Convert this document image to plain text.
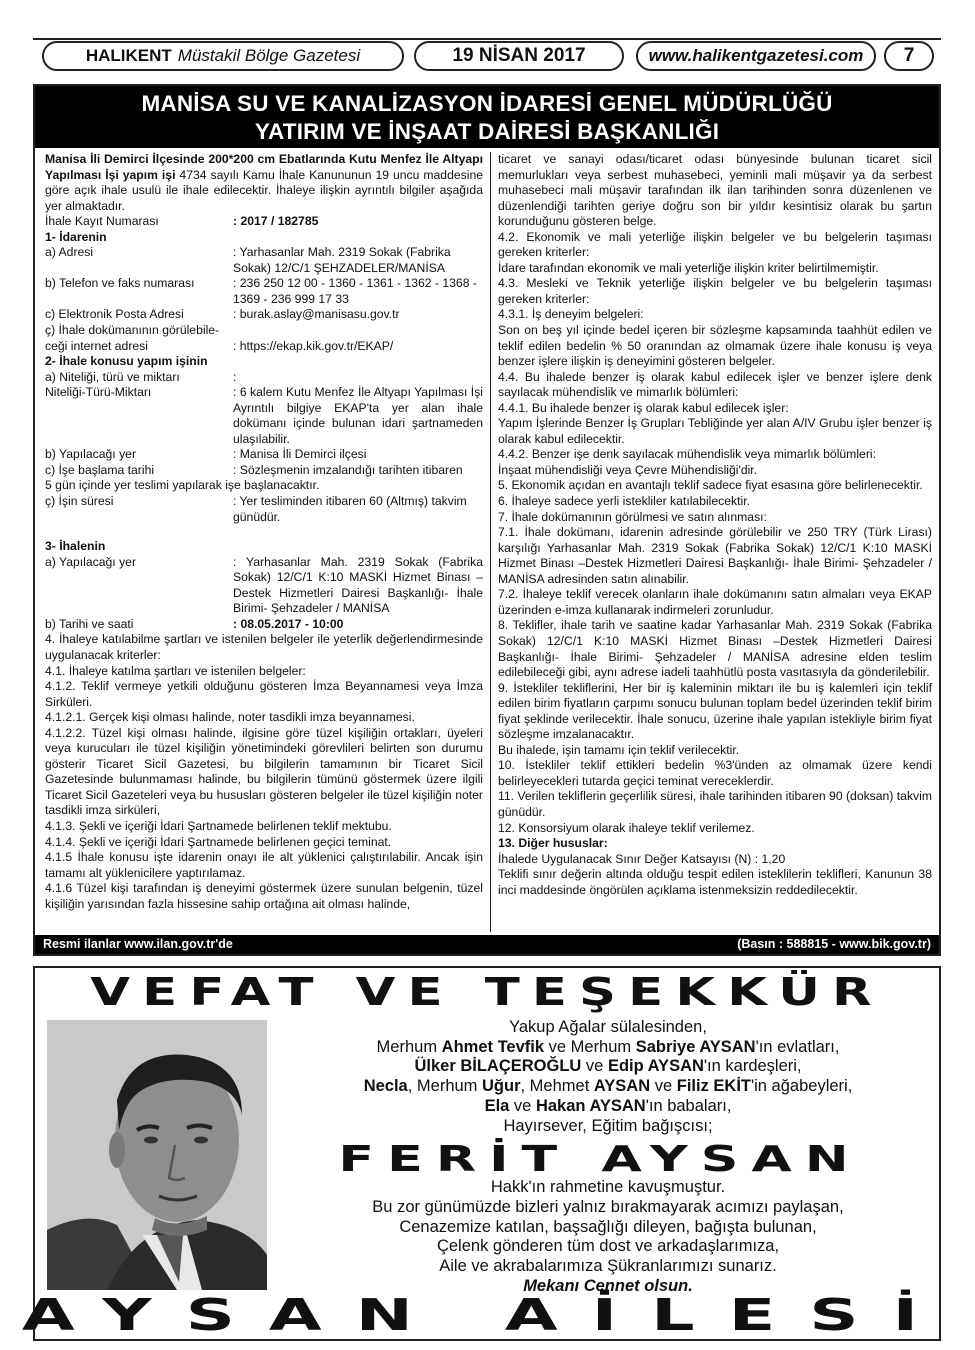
HALIKENT Müstakil Bölge Gazetesi	19 NİSAN 2017	www.halikentgazetesi.com	7
MANİSA SU VE KANALİZASYON İDARESİ GENEL MÜDÜRLÜĞÜ
YATIRIM VE İNŞAAT DAİRESİ BAŞKANLIĞI

Manisa İli Demirci İlçesinde 200*200 cm Ebatlarında Kutu Menfez İle Altyapı Yapılması İşi yapım işi 4734 sayılı Kamu İhale Kanununun 19 uncu maddesine göre açık ihale usulü ile ihale edilecektir. İhaleye ilişkin ayrıntılı bilgiler aşağıda yer almaktadır.

İhale Kayıt Numarası	: 2017 / 182785
1- İdarenin
a) Adresi	: Yarhasanlar Mah. 2319 Sokak (Fabrika Sokak) 12/C/1 ŞEHZADELER/MANİSA
b) Telefon ve faks numarası	: 236 250 12 00 - 1360 - 1361 - 1362 - 1368 - 1369 - 236 999 17 33
c) Elektronik Posta Adresi	: burak.aslay@manisasu.gov.tr
ç) İhale dokümanının görülebile-ceği internet adresi	: https://ekap.kik.gov.tr/EKAP/
2- İhale konusu yapım işinin
a) Niteliği, türü ve miktarı	:
Niteliği-Türü-Miktarı	: 6 kalem Kutu Menfez İle Altyapı Yapılması İşi Ayrıntılı bilgiye EKAP'ta yer alan ihale dokümanı içinde bulunan idari şartnameden ulaşılabilir.
b) Yapılacağı yer	: Manisa İli Demirci ilçesi
c) İşe başlama tarihi	: Sözleşmenin imzalandığı tarihten itibaren
5 gün içinde yer teslimi yapılarak işe başlanacaktır.
ç) İşin süresi	: Yer tesliminden itibaren 60 (Altmış) takvim günüdür.
3- İhalenin
a) Yapılacağı yer	: Yarhasanlar Mah. 2319 Sokak (Fabrika Sokak) 12/C/1 K:10 MASKİ Hizmet Binası –Destek Hizmetleri Dairesi Başkanlığı- İhale Birimi- Şehzadeler / MANİSA
b) Tarihi ve saati	: 08.05.2017 - 10:00

4. İhaleye katılabilme şartları ve istenilen belgeler ile yeterlik değerlendirmesinde uygulanacak kriterler:

4.1. İhaleye katılma şartları ve istenilen belgeler:

4.1.2. Teklif vermeye yetkili olduğunu gösteren İmza Beyannamesi veya İmza Sirküleri.

4.1.2.1. Gerçek kişi olması halinde, noter tasdikli imza beyannamesi.

4.1.2.2. Tüzel kişi olması halinde, ilgisine göre tüzel kişiliğin ortakları, üyeleri veya kurucuları ile tüzel kişiliğin yönetimindeki görevlileri belirten son durumu gösterir Ticaret Sicil Gazetesi, bu bilgilerin tamamının bir Ticaret Sicil Gazetesinde bulunmaması halinde, bu bilgilerin tümünü göstermek üzere ilgili Ticaret Sicil Gazeteleri veya bu hususları gösteren belgeler ile tüzel kişiliğin noter tasdikli imza sirküleri,

4.1.3. Şekli ve içeriği İdari Şartnamede belirlenen teklif mektubu.

4.1.4. Şekli ve içeriği İdari Şartnamede belirlenen geçici teminat.

4.1.5 İhale konusu işte idarenin onayı ile alt yüklenici çalıştırılabilir. Ancak işin tamamı alt yüklenicilere yaptırılamaz.

4.1.6 Tüzel kişi tarafından iş deneyimi göstermek üzere sunulan belgenin, tüzel kişiliğin yarısından fazla hissesine sahip ortağına ait olması halinde,

ticaret ve sanayi odası/ticaret odası bünyesinde bulunan ticaret sicil memurlukları veya serbest muhasebeci, yeminli mali müşavir ya da serbest muhasebeci mali müşavir tarafından ilk ilan tarihinden sonra düzenlenen ve düzenlendiği tarihten geriye doğru son bir yıldır kesintisiz olarak bu şartın korunduğunu gösteren belge.

4.2. Ekonomik ve mali yeterliğe ilişkin belgeler ve bu belgelerin taşıması gereken kriterler:

İdare tarafından ekonomik ve mali yeterliğe ilişkin kriter belirtilmemiştir.

4.3. Mesleki ve Teknik yeterliğe ilişkin belgeler ve bu belgelerin taşıması gereken kriterler:

4.3.1. İş deneyim belgeleri:

Son on beş yıl içinde bedel içeren bir sözleşme kapsamında taahhüt edilen ve teklif edilen bedelin % 50 oranından az olmamak üzere ihale konusu iş veya benzer işlere ilişkin iş deneyimini gösteren belgeler.

4.4. Bu ihalede benzer iş olarak kabul edilecek işler ve benzer işlere denk sayılacak mühendislik ve mimarlık bölümleri:

4.4.1. Bu ihalede benzer iş olarak kabul edilecek işler:

Yapım İşlerinde Benzer İş Grupları Tebliğinde yer alan A/IV Grubu işler benzer iş olarak kabul edilecektir.

4.4.2. Benzer işe denk sayılacak mühendislik veya mimarlık bölümleri:

İnşaat mühendisliği veya Çevre Mühendisliği'dir.

5. Ekonomik açıdan en avantajlı teklif sadece fiyat esasına göre belirlenecektir.

6. İhaleye sadece yerli istekliler katılabilecektir.

7. İhale dokümanının görülmesi ve satın alınması:

7.1. İhale dokümanı, idarenin adresinde görülebilir ve 250 TRY (Türk Lirası) karşılığı Yarhasanlar Mah. 2319 Sokak (Fabrika Sokak) 12/C/1 K:10 MASKİ Hizmet Binası –Destek Hizmetleri Dairesi Başkanlığı- İhale Birimi- Şehzadeler / MANİSA adresinden satın alınabilir.

7.2. İhaleye teklif verecek olanların ihale dokümanını satın almaları veya EKAP üzerinden e-imza kullanarak indirmeleri zorunludur.

8. Teklifler, ihale tarih ve saatine kadar Yarhasanlar Mah. 2319 Sokak (Fabrika Sokak) 12/C/1 K:10 MASKİ Hizmet Binası –Destek Hizmetleri Dairesi Başkanlığı- İhale Birimi- Şehzadeler / MANİSA adresine elden teslim edilebileceği gibi, aynı adrese iadeli taahhütlü posta vasıtasıyla da gönderilebilir.

9. İstekliler tekliflerini, Her bir iş kaleminin miktarı ile bu iş kalemleri için teklif edilen birim fiyatların çarpımı sonucu bulunan toplam bedel üzerinden teklif birim fiyat şeklinde verilecektir. İhale sonucu, üzerine ihale yapılan istekliyle birim fiyat sözleşme imzalanacaktır.

Bu ihalede, işin tamamı için teklif verilecektir.

10. İstekliler teklif ettikleri bedelin %3'ünden az olmamak üzere kendi belirleyecekleri tutarda geçici teminat vereceklerdir.

11. Verilen tekliflerin geçerlilik süresi, ihale tarihinden itibaren 90 (doksan) takvim günüdür.

12. Konsorsiyum olarak ihaleye teklif verilemez.

13. Diğer hususlar:

İhalede Uygulanacak Sınır Değer Katsayısı (N) : 1,20

Teklifi sınır değerin altında olduğu tespit edilen isteklilerin teklifleri, Kanunun 38 inci maddesinde öngörülen açıklama istenmeksizin reddedilecektir.

Resmi ilanlar www.ilan.gov.tr'de	(Basın : 588815 - www.bik.gov.tr)
VEFAT VE TEŞEKKÜR
Yakup Ağalar sülalesinden,
Merhum Ahmet Tevfik ve Merhum Sabriye AYSAN'ın evlatları,
Ülker BİLAÇEROĞLU ve Edip AYSAN'ın kardeşleri,
Necla, Merhum Uğur, Mehmet AYSAN ve Filiz EKİT'in ağabeyleri,
Ela ve Hakan AYSAN'ın babaları,
Hayırsever, Eğitim bağışcısı;
FERİT AYSAN
Hakk'ın rahmetine kavuşmuştur.
Bu zor günümüzde bizleri yalnız bırakmayarak acımızı paylaşan,
Cenazemize katılan, başsağlığı dileyen, bağışta bulunan,
Çelenk gönderen tüm dost ve arkadaşlarımıza,
Aile ve akrabalarımıza Şükranlarımızı sunarız.
Mekanı Cennet olsun.
AYSAN AİLESİ
